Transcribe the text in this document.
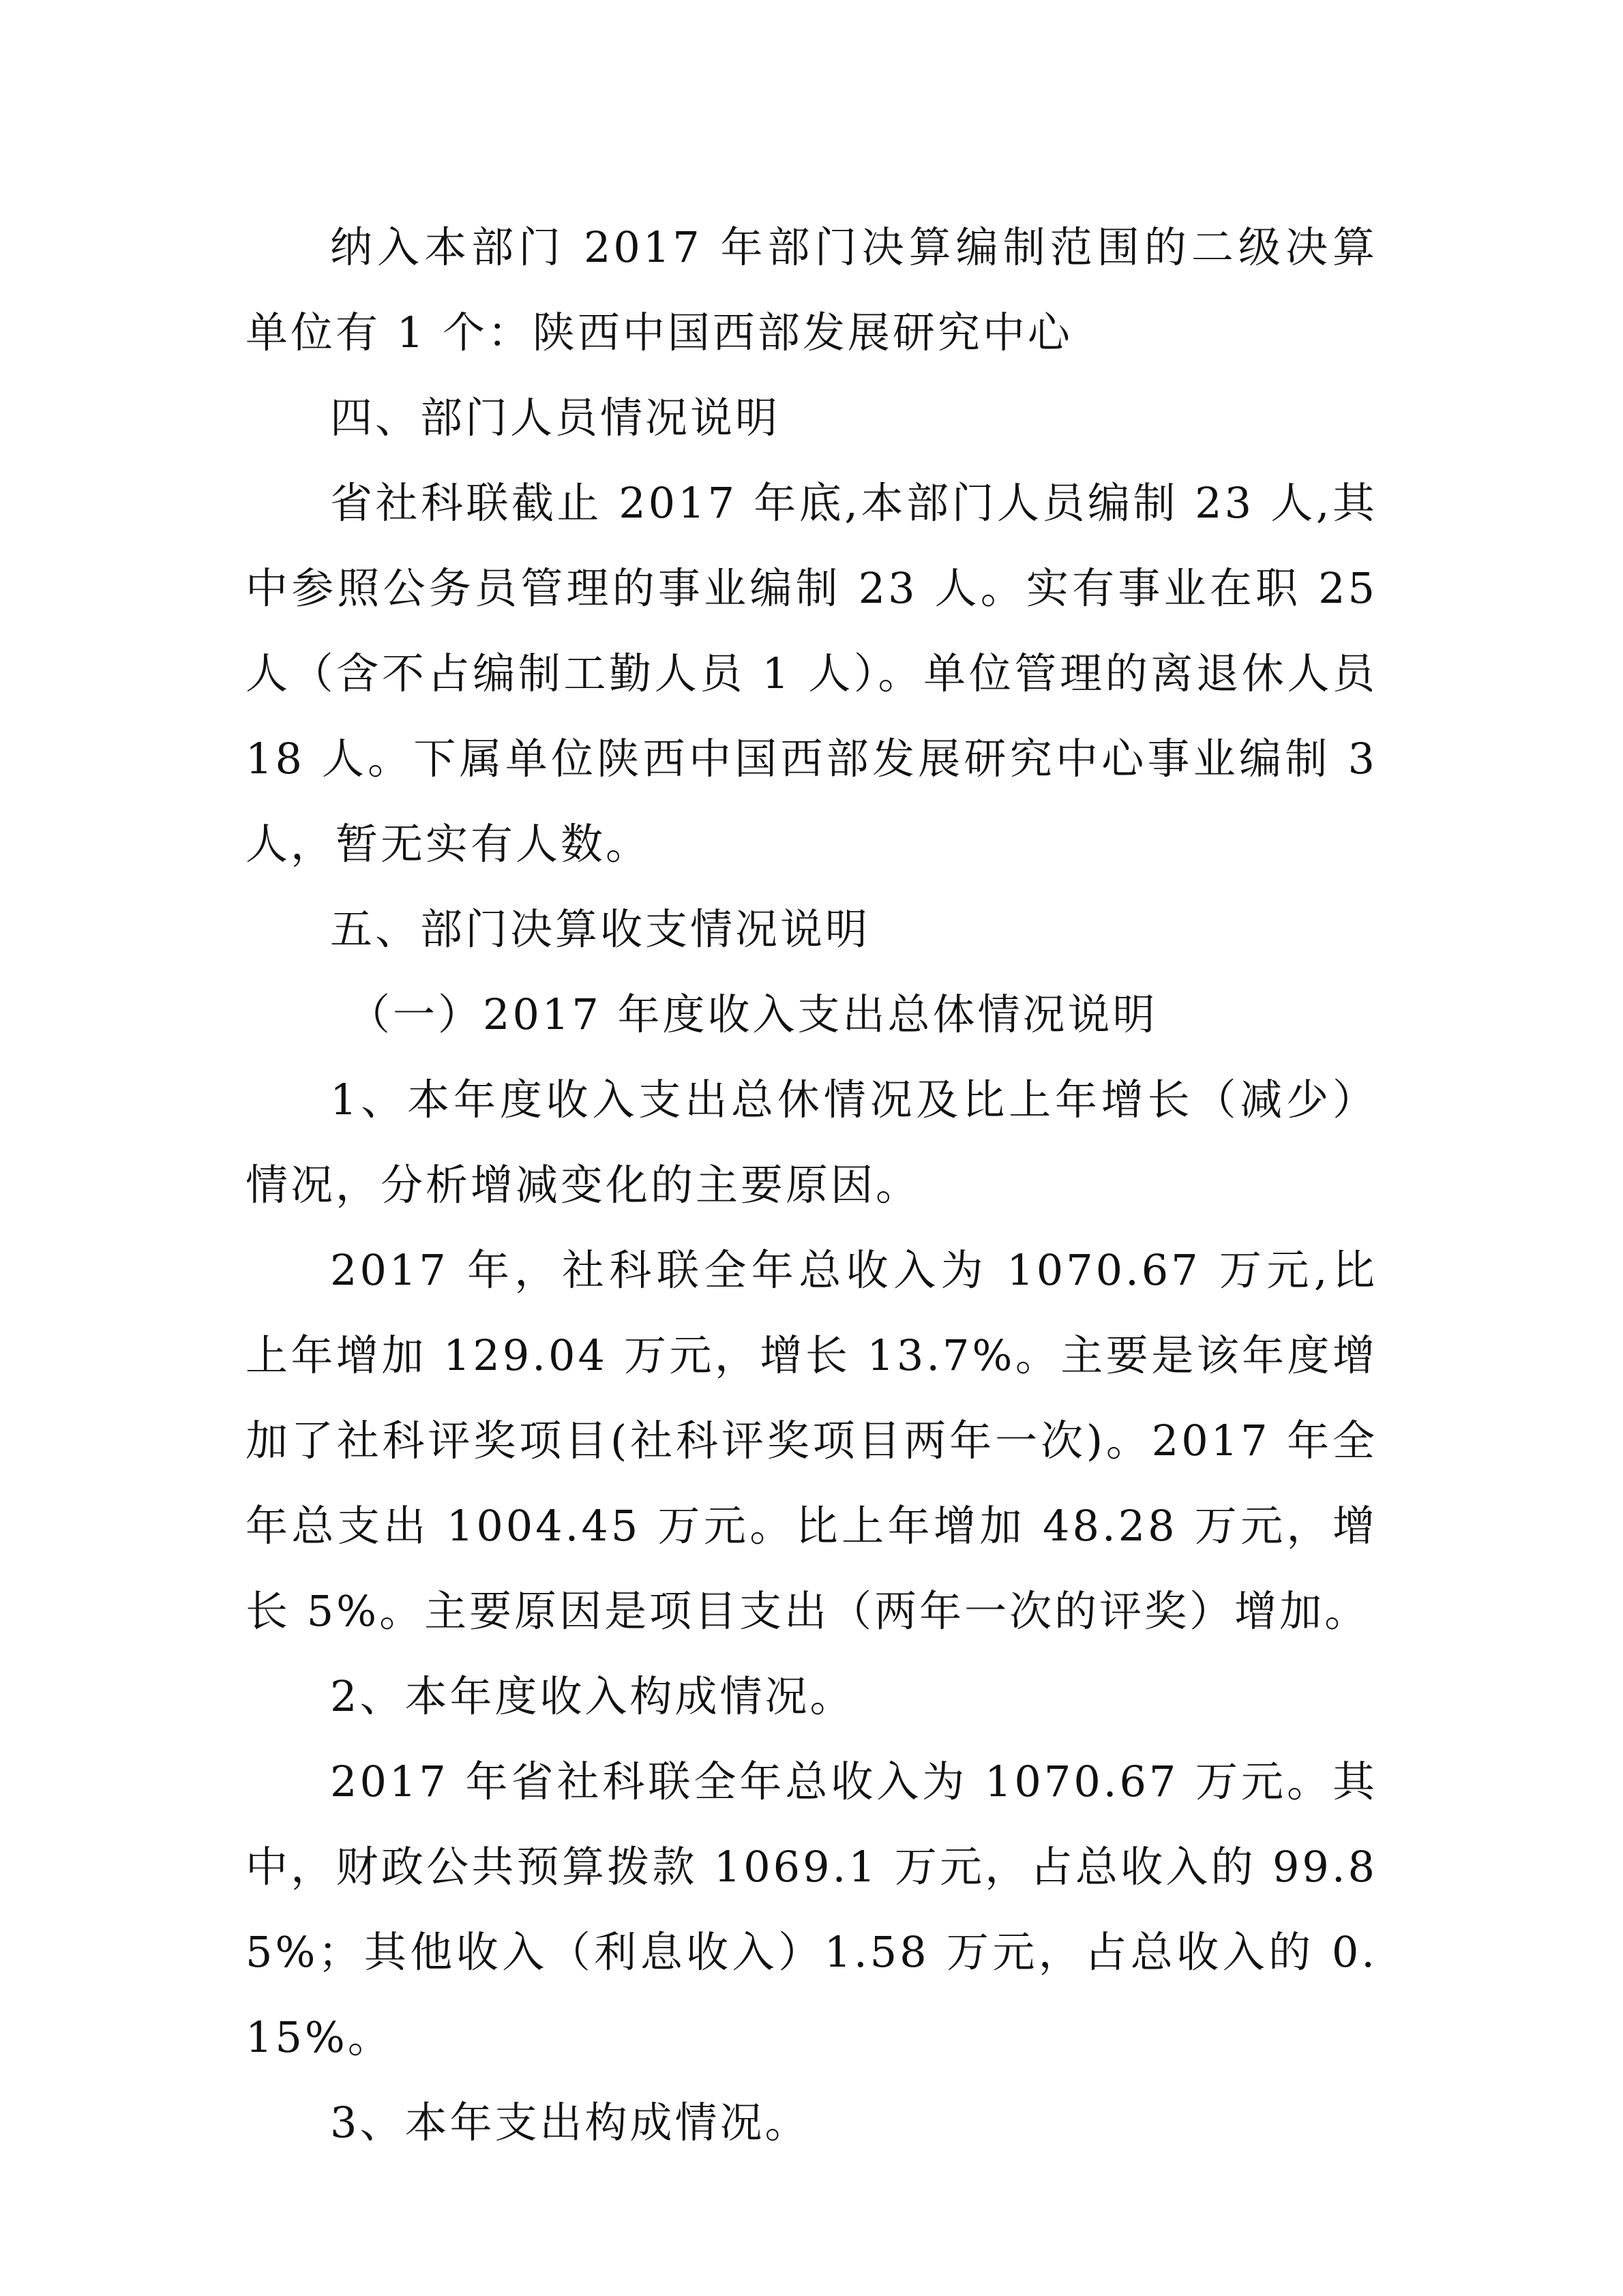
纳入本部门 2017 年部门决算编制范围的二级决算单位有 1 个：陕西中国西部发展研究中心

四、部门人员情况说明

省社科联截止 2017 年底,本部门人员编制 23 人,其中参照公务员管理的事业编制 23 人。实有事业在职 25 人（含不占编制工勤人员 1 人）。单位管理的离退休人员 18 人。下属单位陕西中国西部发展研究中心事业编制 3 人，暂无实有人数。

五、部门决算收支情况说明

（一）2017 年度收入支出总体情况说明

1、本年度收入支出总休情况及比上年增长（减少）情况，分析增减变化的主要原因。

2017 年，社科联全年总收入为 1070.67 万元,比上年增加 129.04 万元，增长 13.7%。主要是该年度增加了社科评奖项目(社科评奖项目两年一次)。2017 年全年总支出 1004.45 万元。比上年增加 48.28 万元，增长 5%。主要原因是项目支出（两年一次的评奖）增加。

2、本年度收入构成情况。

2017 年省社科联全年总收入为 1070.67 万元。其中，财政公共预算拨款 1069.1 万元，占总收入的 99.85%；其他收入（利息收入）1.58 万元，占总收入的 0.15%。

3、本年支出构成情况。
